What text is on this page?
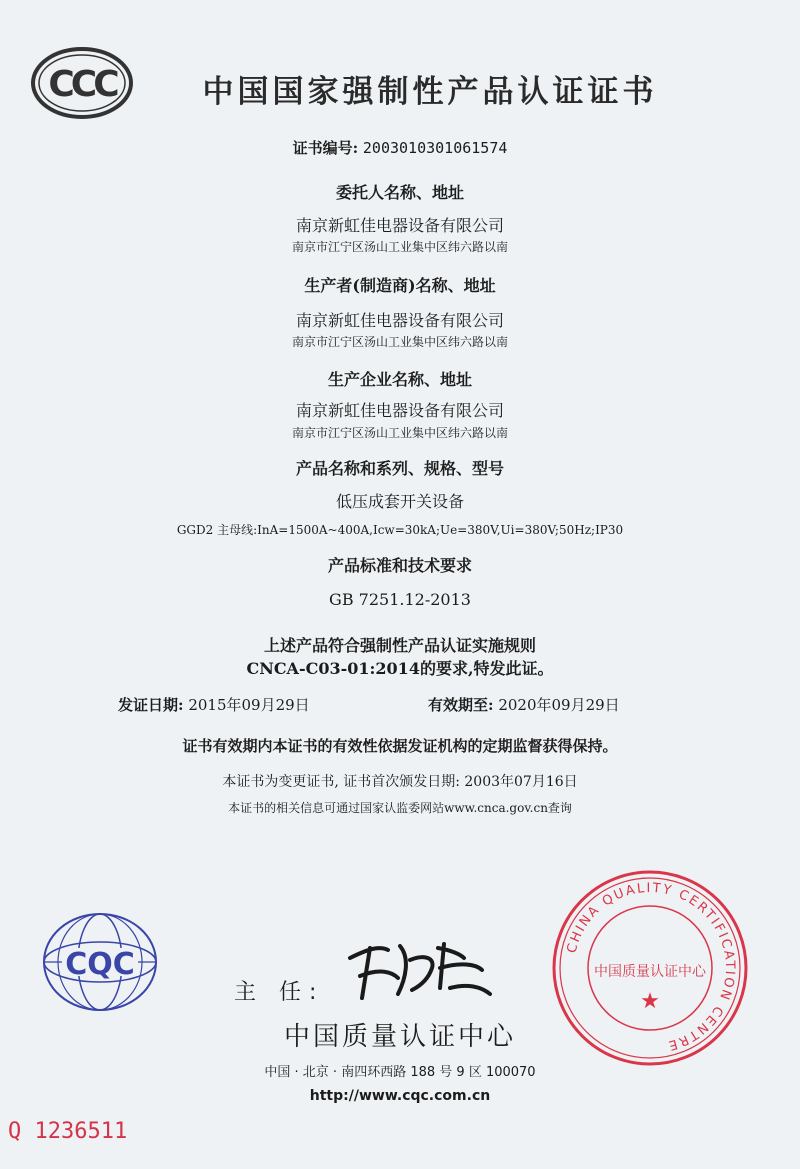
CCC	中国国家强制性产品认证证书
证书编号: 2003010301061574
委托人名称、地址
南京新虹佳电器设备有限公司
南京市江宁区汤山工业集中区纬六路以南
生产者(制造商)名称、地址
南京新虹佳电器设备有限公司
南京市江宁区汤山工业集中区纬六路以南
生产企业名称、地址
南京新虹佳电器设备有限公司
南京市江宁区汤山工业集中区纬六路以南
产品名称和系列、规格、型号
低压成套开关设备
GGD2 主母线:InA=1500A~400A,Icw=30kA;Ue=380V,Ui=380V;50Hz;IP30
产品标准和技术要求
GB 7251.12-2013
上述产品符合强制性产品认证实施规则
CNCA-C03-01:2014的要求,特发此证。
发证日期: 2015年09月29日	有效期至: 2020年09月29日
证书有效期内本证书的有效性依据发证机构的定期监督获得保持。
本证书为变更证书, 证书首次颁发日期: 2003年07月16日
本证书的相关信息可通过国家认监委网站www.cnca.gov.cn查询
CHINA QUALITY CERTIFICATION CENTRE
中国质量认证中心
★
CQC
主 任:
中国质量认证中心
中国 · 北京 · 南四环西路 188 号 9 区 100070
http://www.cqc.com.cn
Q 1236511
